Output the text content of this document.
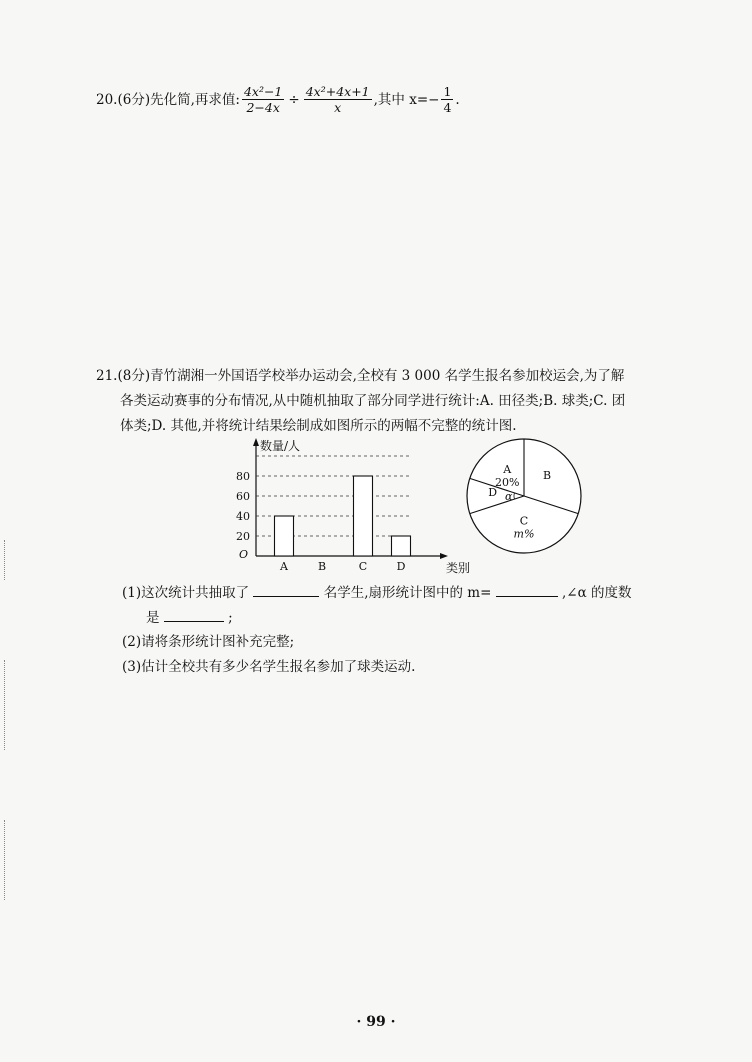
20.(6分)先化简,再求值: $\frac{\text{4x²−1}}{2-4x} \div \frac{\text{4x²+4x+1}}{x}$ ,其中 $x=- \frac{1}{4}$ .
21.(8分)青竹湖湘一外国语学校举办运动会,全校有 3 000 名学生报名参加校运会,为了解
各类运动赛事的分布情况,从中随机抽取了部分同学进行统计:A. 田径类;B. 球类;C. 团
体类;D. 其他,并将统计结果绘制成如图所示的两幅不完整的统计图.
20
40
60
80
O
数量/人
类别
A	B	C	D
A
20%
B
C
m%
D α
(1)这次统计共抽取了	名学生,扇形统计图中的 m=	,∠α 的度数
是	;
(2)请将条形统计图补充完整;
(3)估计全校共有多少名学生报名参加了球类运动.
· 99 ·
